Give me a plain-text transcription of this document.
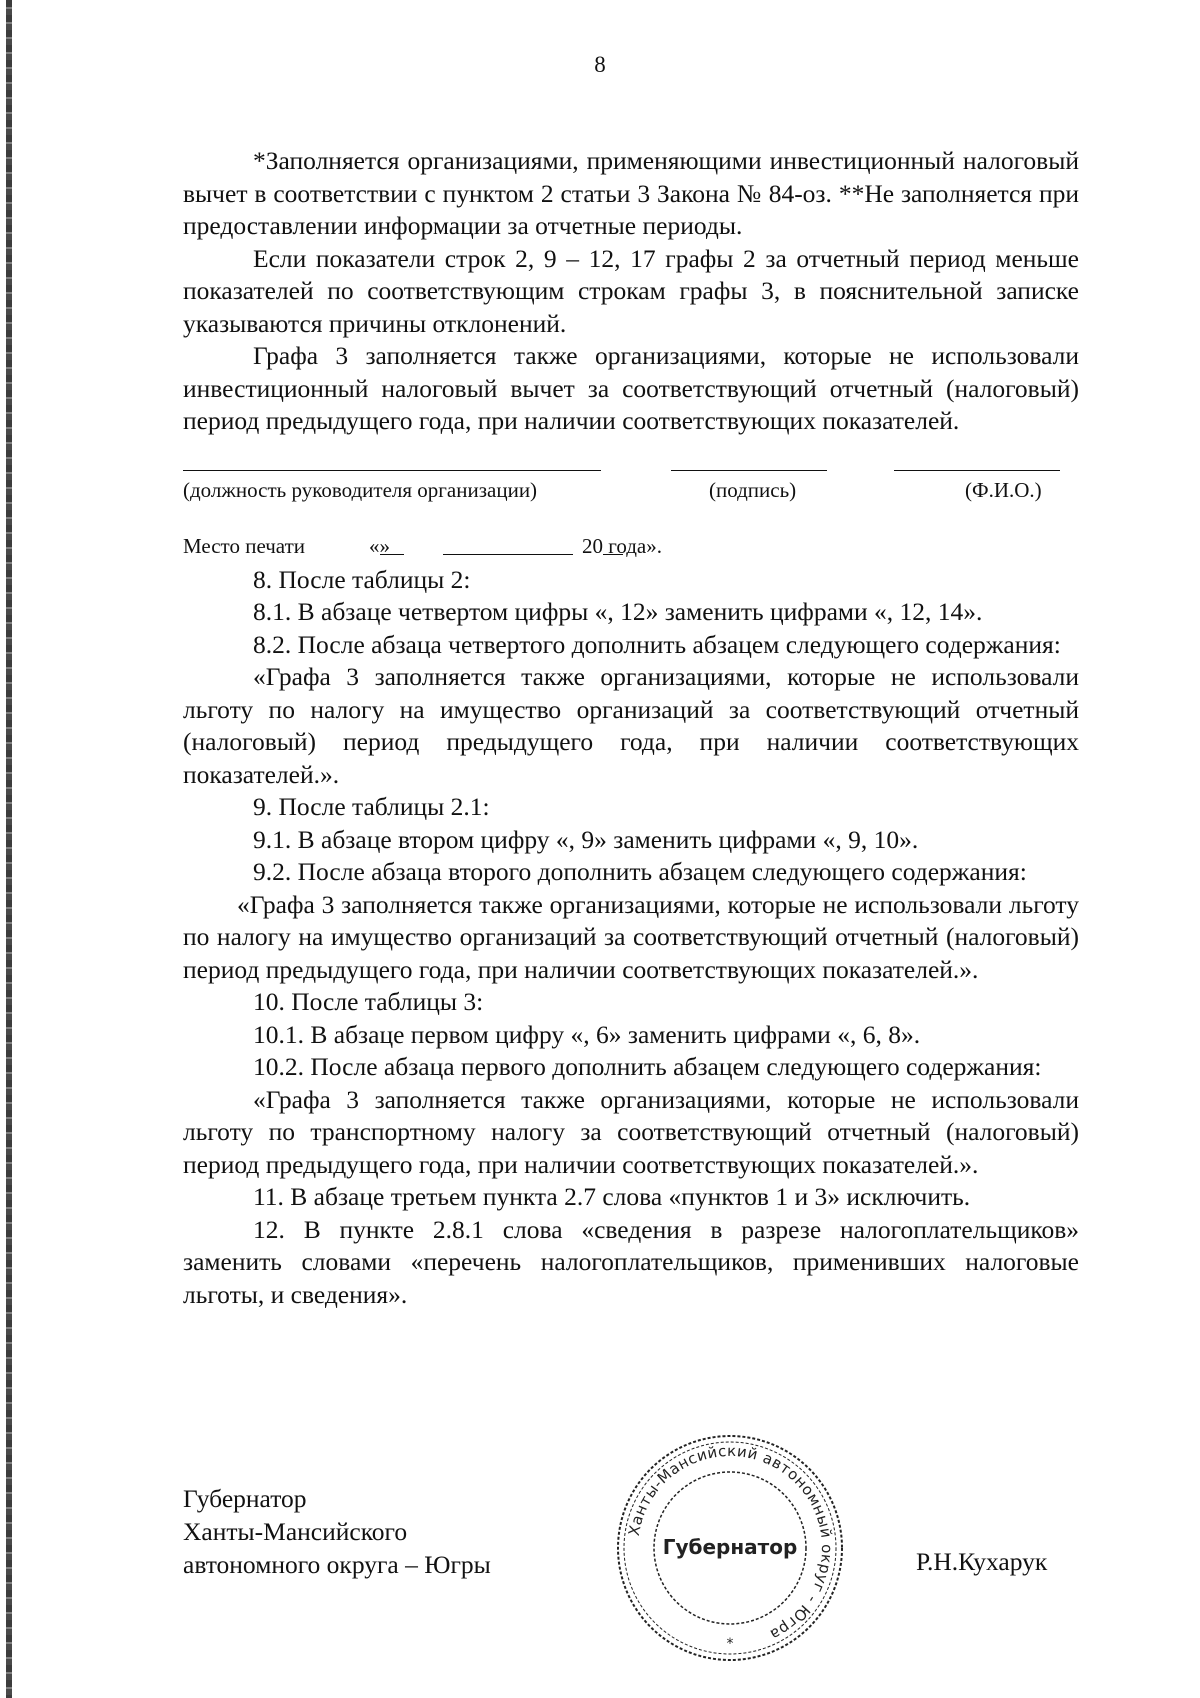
8

*Заполняется организациями, применяющими инвестиционный налоговый вычет в соответствии с пунктом 2 статьи 3 Закона № 84-оз. **Не заполняется при предоставлении информации за отчетные периоды.

Если показатели строк 2, 9 – 12, 17 графы 2 за отчетный период меньше показателей по соответствующим строкам графы 3, в пояснительной записке указываются причины отклонений.

Графа 3 заполняется также организациями, которые не использовали инвестиционный налоговый вычет за соответствующий отчетный (налоговый) период предыдущего года, при наличии соответствующих показателей.

(должность руководителя организации)	(подпись)	(Ф.И.О.)
Место печати	«
»	20 года».

8. После таблицы 2:

8.1. В абзаце четвертом цифры «, 12» заменить цифрами «, 12, 14».

8.2. После абзаца четвертого дополнить абзацем следующего содержания:

«Графа 3 заполняется также организациями, которые не использовали льготу по налогу на имущество организаций за соответствующий отчетный (налоговый) период предыдущего года, при наличии соответствующих показателей.».

9. После таблицы 2.1:

9.1. В абзаце втором цифру «, 9» заменить цифрами «, 9, 10».

9.2. После абзаца второго дополнить абзацем следующего содержания:

«Графа 3 заполняется также организациями, которые не использовали льготу по налогу на имущество организаций за соответствующий отчетный (налоговый) период предыдущего года, при наличии соответствующих показателей.».

10. После таблицы 3:

10.1. В абзаце первом цифру «, 6» заменить цифрами «, 6, 8».

10.2. После абзаца первого дополнить абзацем следующего содержания:

«Графа 3 заполняется также организациями, которые не использовали льготу по транспортному налогу за соответствующий отчетный (налоговый) период предыдущего года, при наличии соответствующих показателей.».

11. В абзаце третьем пункта 2.7 слова «пунктов 1 и 3» исключить.

12. В пункте 2.8.1 слова «сведения в разрезе налогоплательщиков» заменить словами «перечень налогоплательщиков, применивших налоговые льготы, и сведения».

Губернатор
Ханты-Мансийского
автономного округа – Югры
Ханты-Мансийский автономный округ - Югра
Губернатор
*
Р.Н.Кухарук
